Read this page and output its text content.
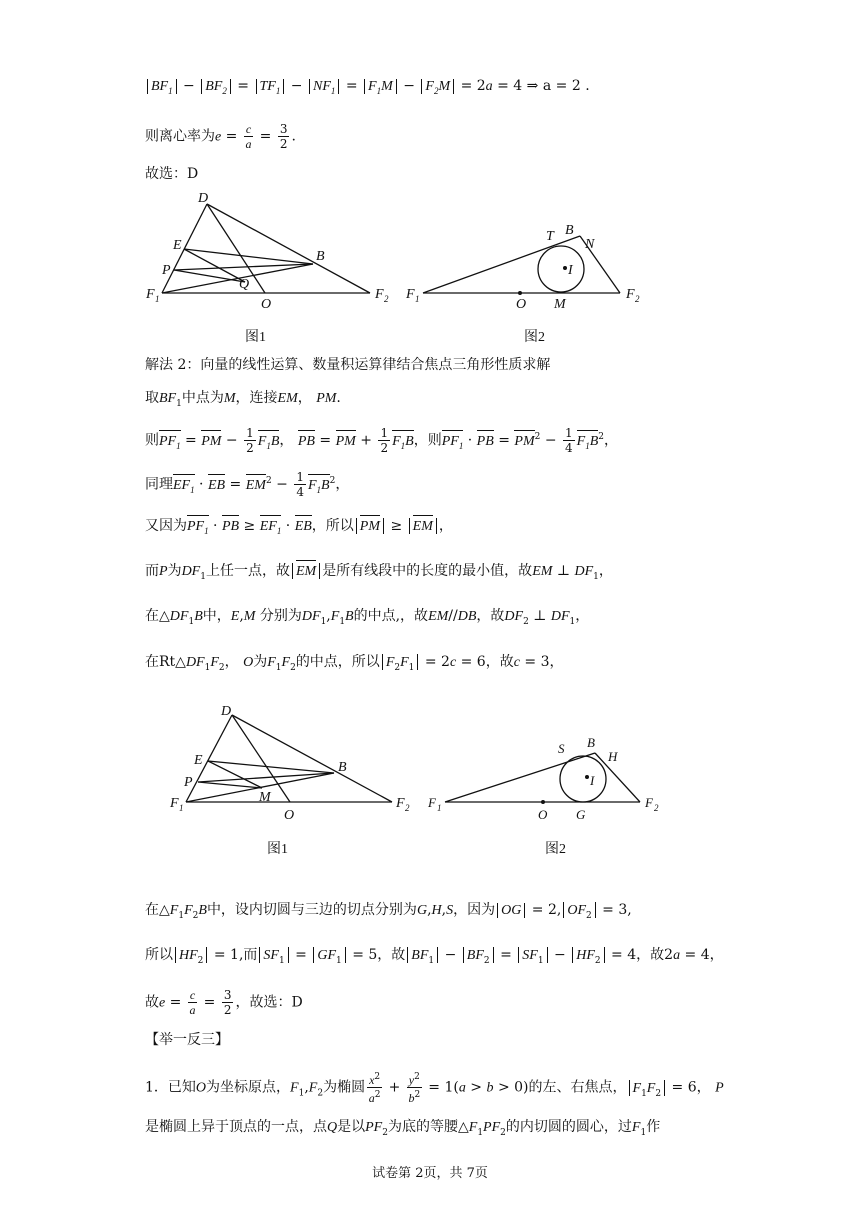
$BF_1 - BF_2 = TF_1 - NF_1 = F_1M - F_2M = 2a = 4$ ⇒ a = 2 .
则离心率为$e = \frac{c}{a} = \frac{3}{2}$ .
故选：D
D
E
P
B
Q
O
F 1	F 2
T B
N
I
F 1	O M
F 2
图1	图2
解法 2：向量的线性运算、数量积运算律结合焦点三角形性质求解
取$BF_1$中点为M，连接EM， PM.
则$PF_1$ = PM − $\frac{1}{2} F_1B$， PB = PM + $\frac{1}{2} F_1B$，则$PF_1$ · PB = $PM^2 - \frac{1}{4} F_1B^2$，
同理$EF_1$ · EB = $EM^2 - \frac{1}{4} F_1B^2$，
又因为$PF_1$ · PB ≥ $EF_1$ · EB，所以 PM ≥ EM ，
而P为$DF_1$上任一点，故 EM 是所有线段中的长度的最小值，故EM ⊥ $DF_1$，
在$\triangle DF_1B$中，E,M 分别为$DF_1,F_1B$的中点,，故EM//DB，故$DF_2$ ⊥ $DF_1$，
在$Rt\triangle DF_1F_2$， O为$F_1F_2$的中点，所以 $F_2F_1 = 2c = 6$，故c = 3，
D
E
P
B
M
F 1	O
F 2
S B
H
I
F 1	O G
F 2
图1	图2
在$\triangle F_1F_2B$中，设内切圆与三边的切点分别为G,H,S，因为 OG = 2, $OF_2 = 3$,
所以 $HF_2 = 1$,而 $SF_1 = GF_1 = 5$，故 $BF_1 - BF_2 = SF_1 - HF_2 = 4$，故2a = 4，
故$e = \frac{c}{a} = \frac{3}{2}$ ，故选：D
【举一反三】
1．已知O为坐标原点，$F_1,F_2$为椭圆 $\frac{x^2}{a^2} + \frac{y^2}{b^2} = 1(a > b > 0)$的左、右焦点， $F_1F_2 = 6$， P
是椭圆上异于顶点的一点，点Q是以$PF_2$为底的等腰$\triangle F_1PF_2$的内切圆的圆心，过$F_1$作
试卷第 2页，共 7页
